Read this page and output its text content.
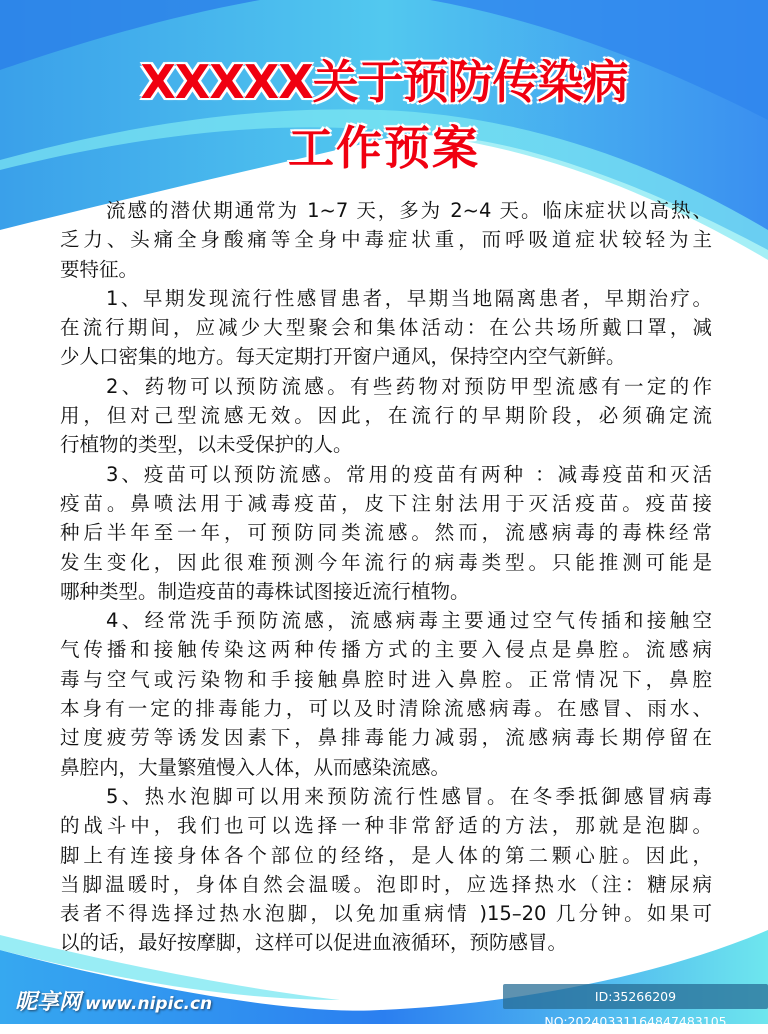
XXXXX关于预防传染病
工作预案
流感的潜伏期通常为 1~7 天，多为 2~4 天。临床症状以高热、
乏力、头痛全身酸痛等全身中毒症状重，而呼吸道症状较轻为主
要特征。
1、早期发现流行性感冒患者，早期当地隔离患者，早期治疗。
在流行期间，应减少大型聚会和集体活动：在公共场所戴口罩，减
少人口密集的地方。每天定期打开窗户通风，保持空内空气新鲜。
2、药物可以预防流感。有些药物对预防甲型流感有一定的作
用，但对己型流感无效。因此，在流行的早期阶段，必须确定流
行植物的类型，以未受保护的人。
3、疫苗可以预防流感。常用的疫苗有两种 ：减毒疫苗和灭活
疫苗。鼻喷法用于减毒疫苗，皮下注射法用于灭活疫苗。疫苗接
种后半年至一年，可预防同类流感。然而，流感病毒的毒株经常
发生变化，因此很难预测今年流行的病毒类型。只能推测可能是
哪种类型。制造疫苗的毒株试图接近流行植物。
4、经常洗手预防流感，流感病毒主要通过空气传插和接触空
气传播和接触传染这两种传播方式的主要入侵点是鼻腔。流感病
毒与空气或污染物和手接触鼻腔时进入鼻腔。正常情况下，鼻腔
本身有一定的排毒能力，可以及时清除流感病毒。在感冒、雨水、
过度疲劳等诱发因素下，鼻排毒能力减弱，流感病毒长期停留在
鼻腔内，大量繁殖慢入人体，从而感染流感。
5、热水泡脚可以用来预防流行性感冒。在冬季抵御感冒病毒
的战斗中，我们也可以选择一种非常舒适的方法，那就是泡脚。
脚上有连接身体各个部位的经络，是人体的第二颗心脏。因此，
当脚温暖时，身体自然会温暖。泡即时，应选择热水（注：糖尿病
表者不得选择过热水泡脚，以免加重病情 )15–20 几分钟。如果可
以的话，最好按摩脚，这样可以促进血液循环，预防感冒。
昵享网 www.nipic.cn	ID:35266209 NO:20240331164847483105
